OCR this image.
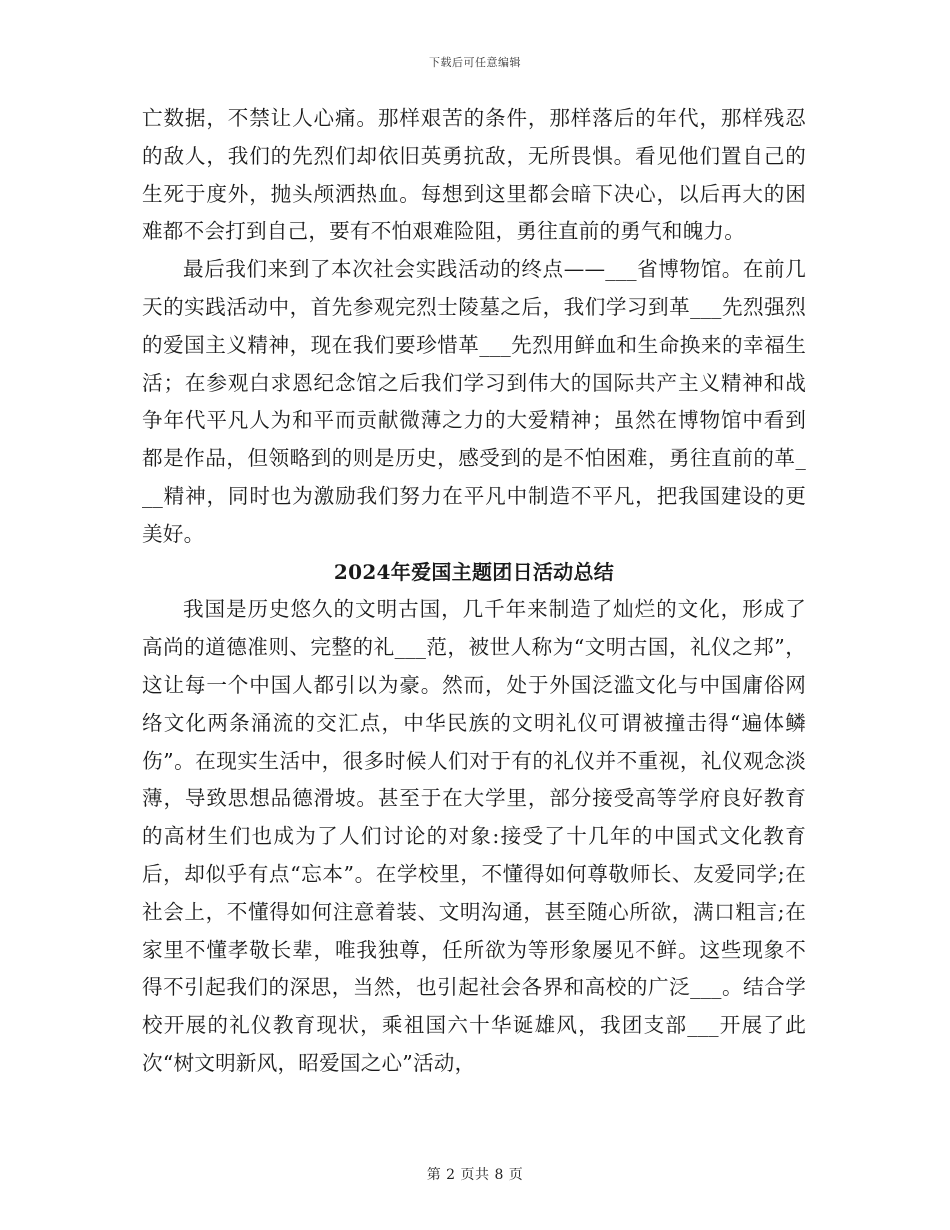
下载后可任意编辑

亡数据，不禁让人心痛。那样艰苦的条件，那样落后的年代，那样残忍的敌人，我们的先烈们却依旧英勇抗敌，无所畏惧。看见他们置自己的生死于度外，抛头颅洒热血。每想到这里都会暗下决心，以后再大的困难都不会打到自己，要有不怕艰难险阻，勇往直前的勇气和魄力。

最后我们来到了本次社会实践活动的终点——___省博物馆。在前几天的实践活动中，首先参观完烈士陵墓之后，我们学习到革___先烈强烈的爱国主义精神，现在我们要珍惜革___先烈用鲜血和生命换来的幸福生活；在参观白求恩纪念馆之后我们学习到伟大的国际共产主义精神和战争年代平凡人为和平而贡献微薄之力的大爱精神；虽然在博物馆中看到都是作品，但领略到的则是历史，感受到的是不怕困难，勇往直前的革___精神，同时也为激励我们努力在平凡中制造不平凡，把我国建设的更美好。

2024年爱国主题团日活动总结

我国是历史悠久的文明古国，几千年来制造了灿烂的文化，形成了高尚的道德准则、完整的礼___范，被世人称为“文明古国，礼仪之邦”，这让每一个中国人都引以为豪。然而，处于外国泛滥文化与中国庸俗网络文化两条涌流的交汇点，中华民族的文明礼仪可谓被撞击得“遍体鳞伤”。在现实生活中，很多时候人们对于有的礼仪并不重视，礼仪观念淡薄，导致思想品德滑坡。甚至于在大学里，部分接受高等学府良好教育的高材生们也成为了人们讨论的对象:接受了十几年的中国式文化教育后，却似乎有点“忘本”。在学校里，不懂得如何尊敬师长、友爱同学;在社会上，不懂得如何注意着装、文明沟通，甚至随心所欲，满口粗言;在家里不懂孝敬长辈，唯我独尊，任所欲为等形象屡见不鲜。这些现象不得不引起我们的深思，当然，也引起社会各界和高校的广泛___。结合学校开展的礼仪教育现状，乘祖国六十华诞雄风，我团支部___开展了此次“树文明新风，昭爱国之心”活动，

第 2 页共 8 页
